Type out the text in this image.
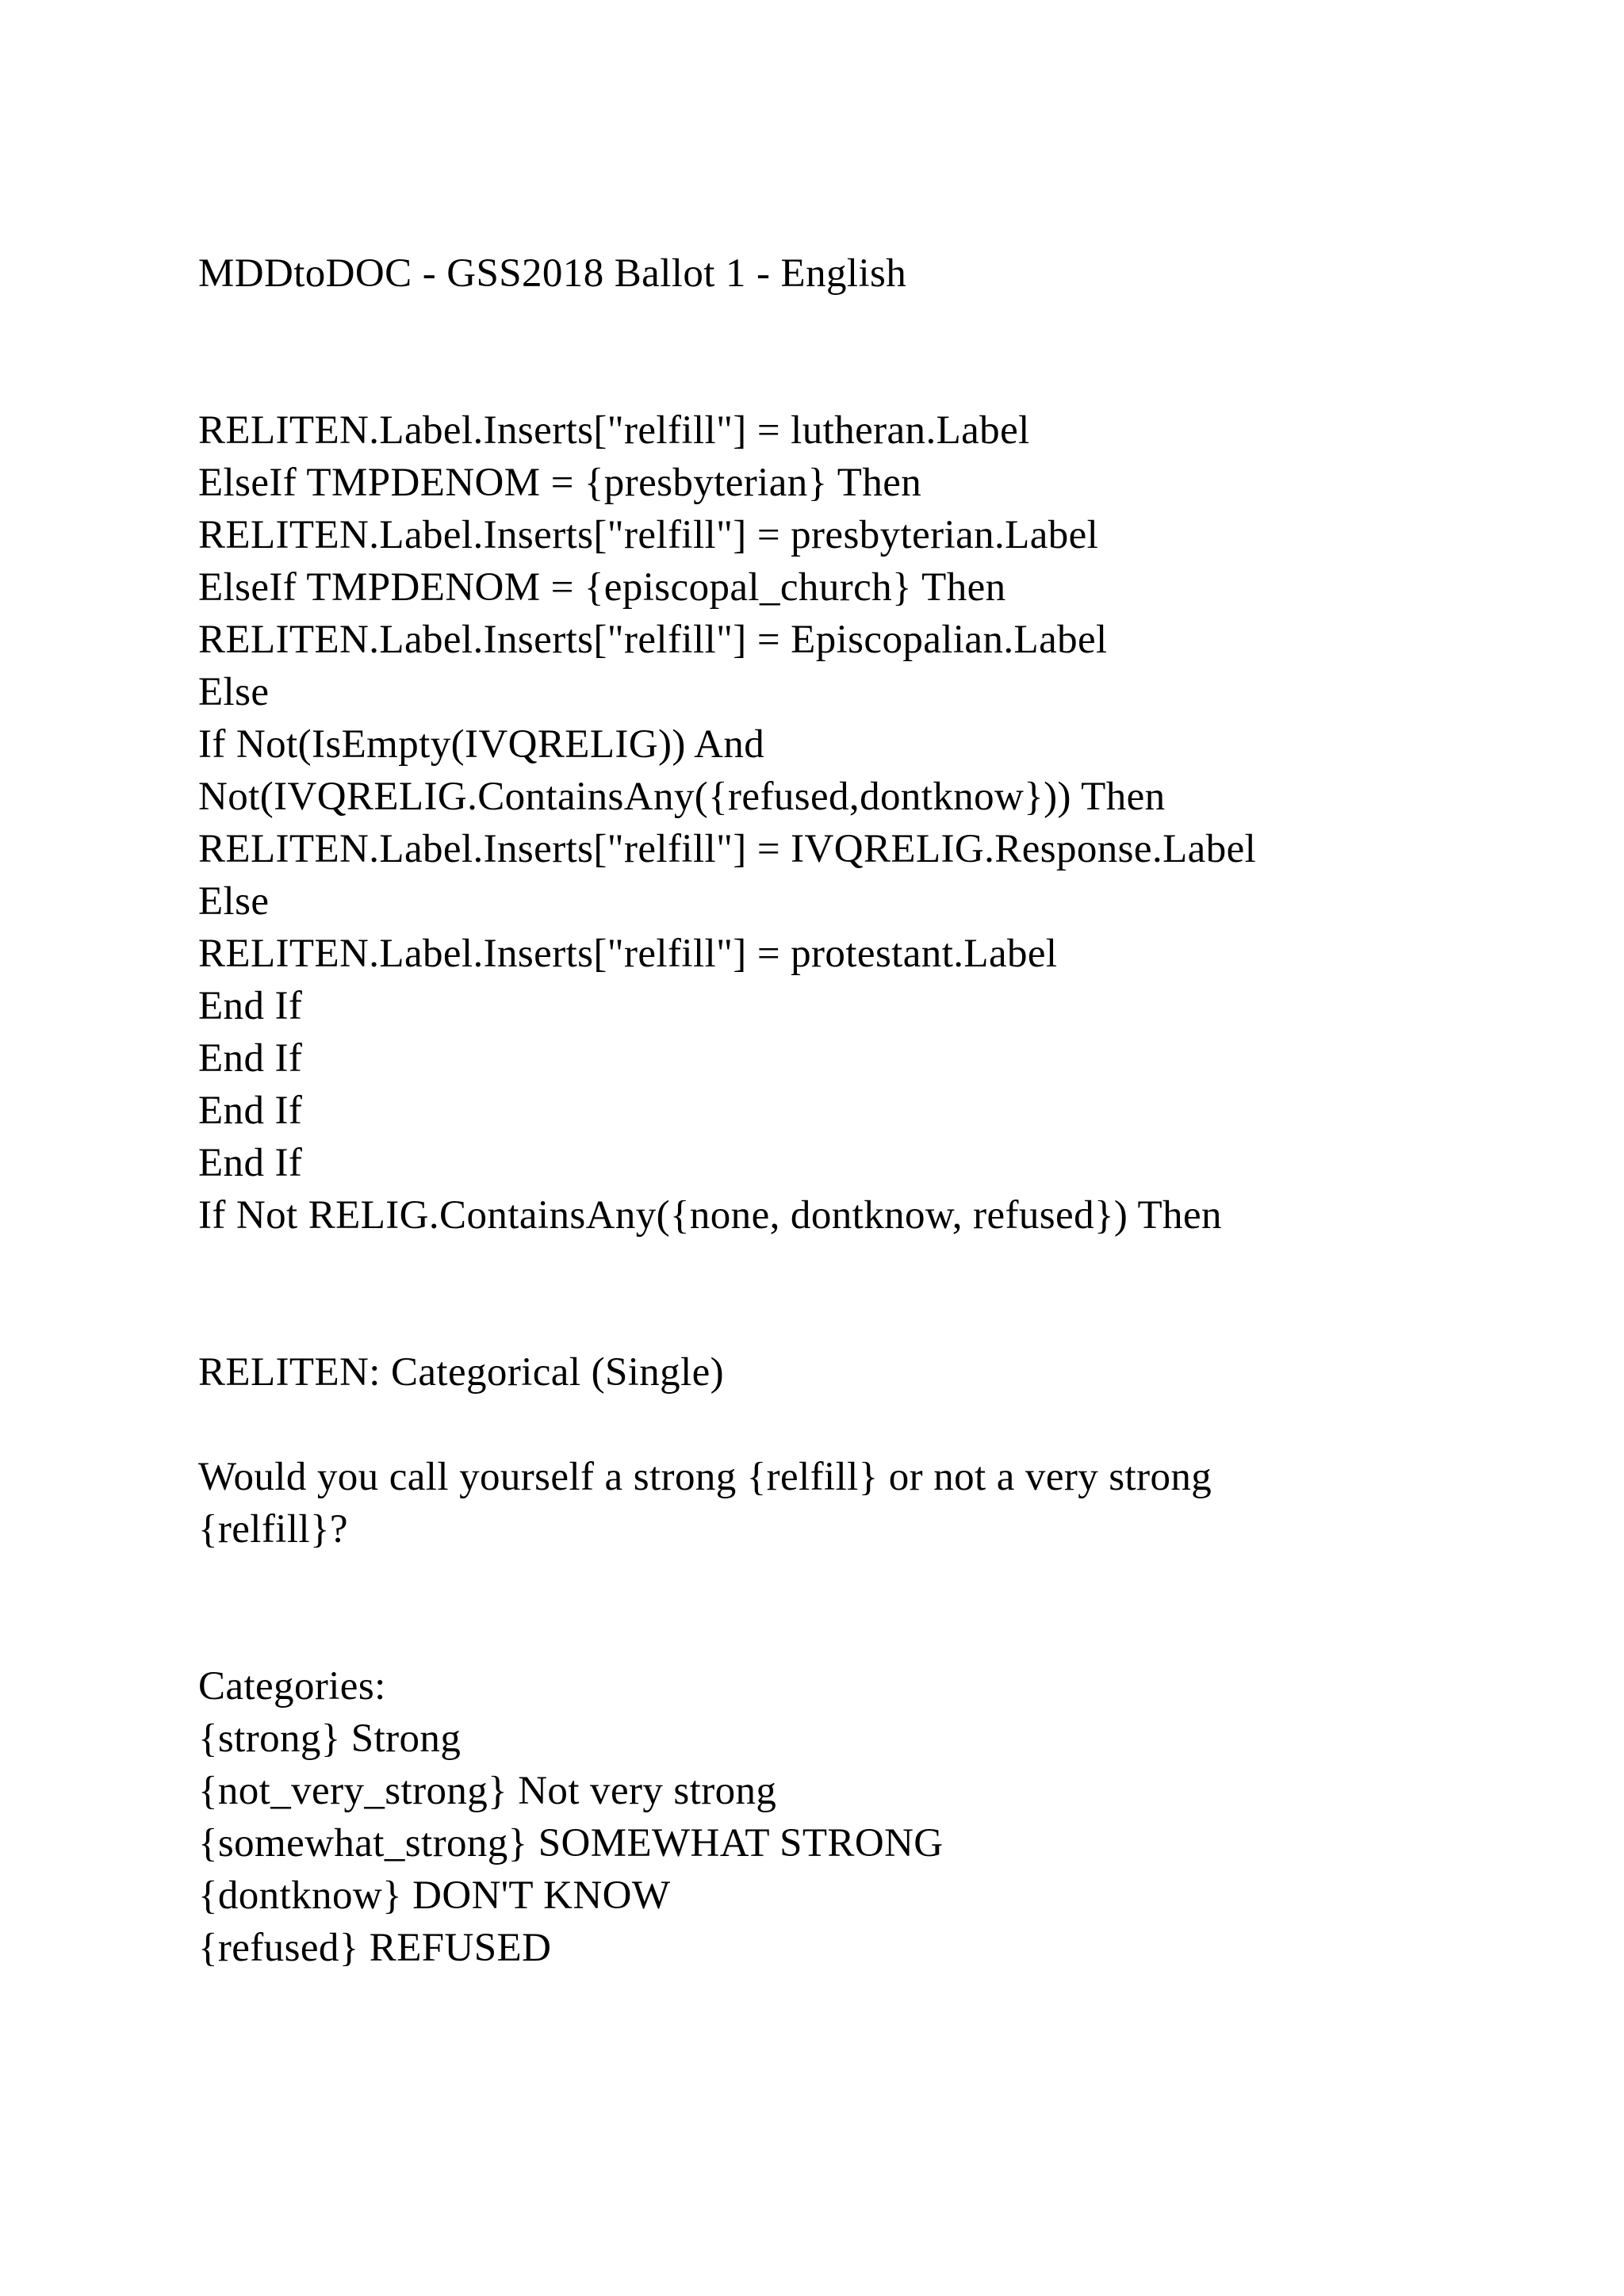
MDDtoDOC - GSS2018 Ballot 1 - English
RELITEN.Label.Inserts["relfill"] = lutheran.Label
ElseIf TMPDENOM = {presbyterian} Then
RELITEN.Label.Inserts["relfill"] = presbyterian.Label
ElseIf TMPDENOM = {episcopal_church} Then
RELITEN.Label.Inserts["relfill"] = Episcopalian.Label
Else
If Not(IsEmpty(IVQRELIG)) And
Not(IVQRELIG.ContainsAny({refused,dontknow})) Then
RELITEN.Label.Inserts["relfill"] = IVQRELIG.Response.Label
Else
RELITEN.Label.Inserts["relfill"] = protestant.Label
End If
End If
End If
End If
If Not RELIG.ContainsAny({none, dontknow, refused}) Then
RELITEN: Categorical (Single)
Would you call yourself a strong {relfill} or not a very strong
{relfill}?
Categories:
{strong} Strong
{not_very_strong} Not very strong
{somewhat_strong} SOMEWHAT STRONG
{dontknow} DON'T KNOW
{refused} REFUSED
